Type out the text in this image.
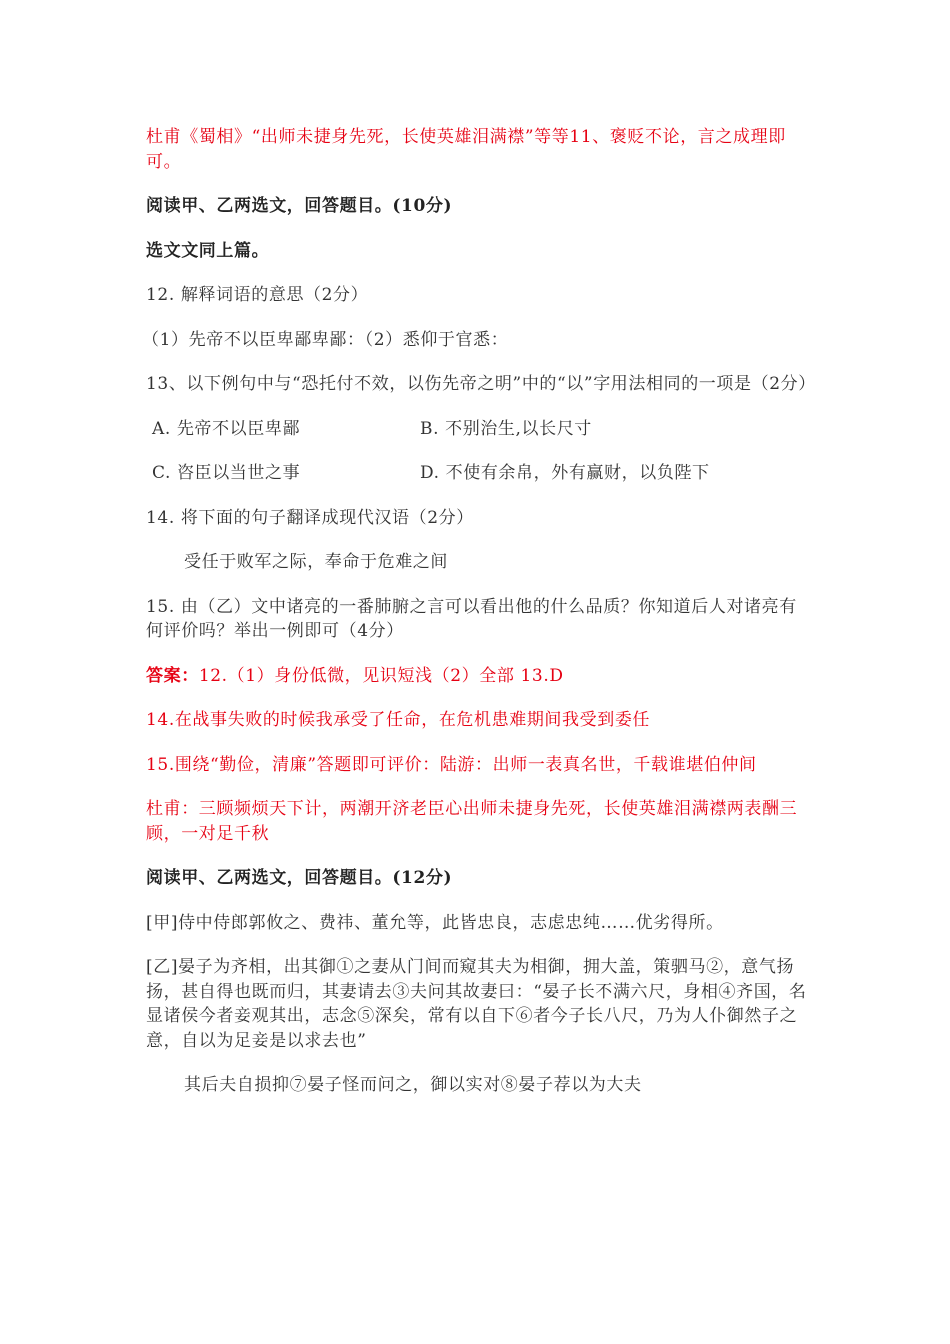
杜甫《蜀相》“出师未捷身先死，长使英雄泪满襟”等等11、褒贬不论，言之成理即可。

阅读甲、乙两选文，回答题目。(10分)

选文文同上篇。

12. 解释词语的意思（2分）

（1）先帝不以臣卑鄙卑鄙：（2）悉仰于官悉：

13、以下例句中与“恐托付不效，以伤先帝之明”中的“以”字用法相同的一项是（2分）

A. 先帝不以臣卑鄙	B. 不别治生,以长尺寸
C. 咨臣以当世之事	D. 不使有余帛，外有赢财，以负陛下

14. 将下面的句子翻译成现代汉语（2分）

受任于败军之际，奉命于危难之间

15. 由（乙）文中诸亮的一番肺腑之言可以看出他的什么品质？你知道后人对诸亮有何评价吗？举出一例即可（4分）

答案：12.（1）身份低微，见识短浅（2）全部 13.D

14.在战事失败的时候我承受了任命，在危机患难期间我受到委任

15.围绕“勤俭，清廉”答题即可评价：陆游：出师一表真名世，千载谁堪伯仲间

杜甫：三顾频烦天下计，两潮开济老臣心出师未捷身先死，长使英雄泪满襟两表酬三顾，一对足千秋

阅读甲、乙两选文，回答题目。(12分)

[甲]侍中侍郎郭攸之、费祎、董允等，此皆忠良，志虑忠纯……优劣得所。

[乙]晏子为齐相，出其御①之妻从门间而窥其夫为相御，拥大盖，策驷马②，意气扬扬，甚自得也既而归，其妻请去③夫问其故妻曰：“晏子长不满六尺，身相④齐国，名显诸侯今者妾观其出，志念⑤深矣，常有以自下⑥者今子长八尺，乃为人仆御然子之意，自以为足妾是以求去也”

其后夫自损抑⑦晏子怪而问之，御以实对⑧晏子荐以为大夫
